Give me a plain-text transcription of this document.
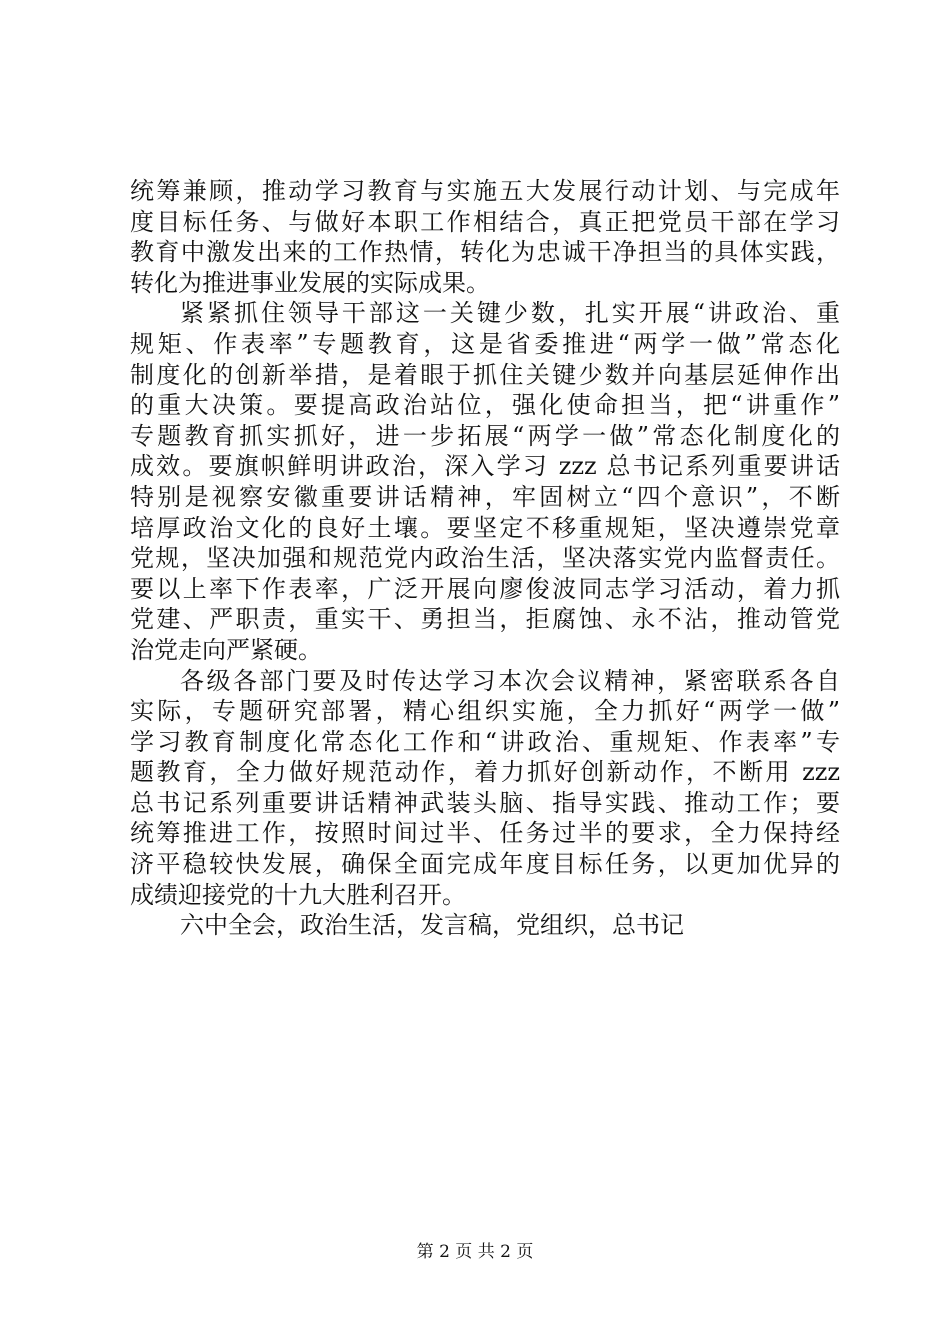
统筹兼顾，推动学习教育与实施五大发展行动计划、与完成年
度目标任务、与做好本职工作相结合，真正把党员干部在学习
教育中激发出来的工作热情，转化为忠诚干净担当的具体实践，
转化为推进事业发展的实际成果。
紧紧抓住领导干部这一关键少数，扎实开展“讲政治、重
规矩、作表率”专题教育，这是省委推进“两学一做”常态化
制度化的创新举措，是着眼于抓住关键少数并向基层延伸作出
的重大决策。要提高政治站位，强化使命担当，把“讲重作”
专题教育抓实抓好，进一步拓展“两学一做”常态化制度化的
成效。要旗帜鲜明讲政治，深入学习 zzz 总书记系列重要讲话
特别是视察安徽重要讲话精神，牢固树立“四个意识”，不断
培厚政治文化的良好土壤。要坚定不移重规矩，坚决遵崇党章
党规，坚决加强和规范党内政治生活，坚决落实党内监督责任。
要以上率下作表率，广泛开展向廖俊波同志学习活动，着力抓
党建、严职责，重实干、勇担当，拒腐蚀、永不沾，推动管党
治党走向严紧硬。
各级各部门要及时传达学习本次会议精神，紧密联系各自
实际，专题研究部署，精心组织实施，全力抓好“两学一做”
学习教育制度化常态化工作和“讲政治、重规矩、作表率”专
题教育，全力做好规范动作，着力抓好创新动作，不断用 zzz
总书记系列重要讲话精神武装头脑、指导实践、推动工作；要
统筹推进工作，按照时间过半、任务过半的要求，全力保持经
济平稳较快发展，确保全面完成年度目标任务，以更加优异的
成绩迎接党的十九大胜利召开。
六中全会，政治生活，发言稿，党组织，总书记
第 2 页 共 2 页
